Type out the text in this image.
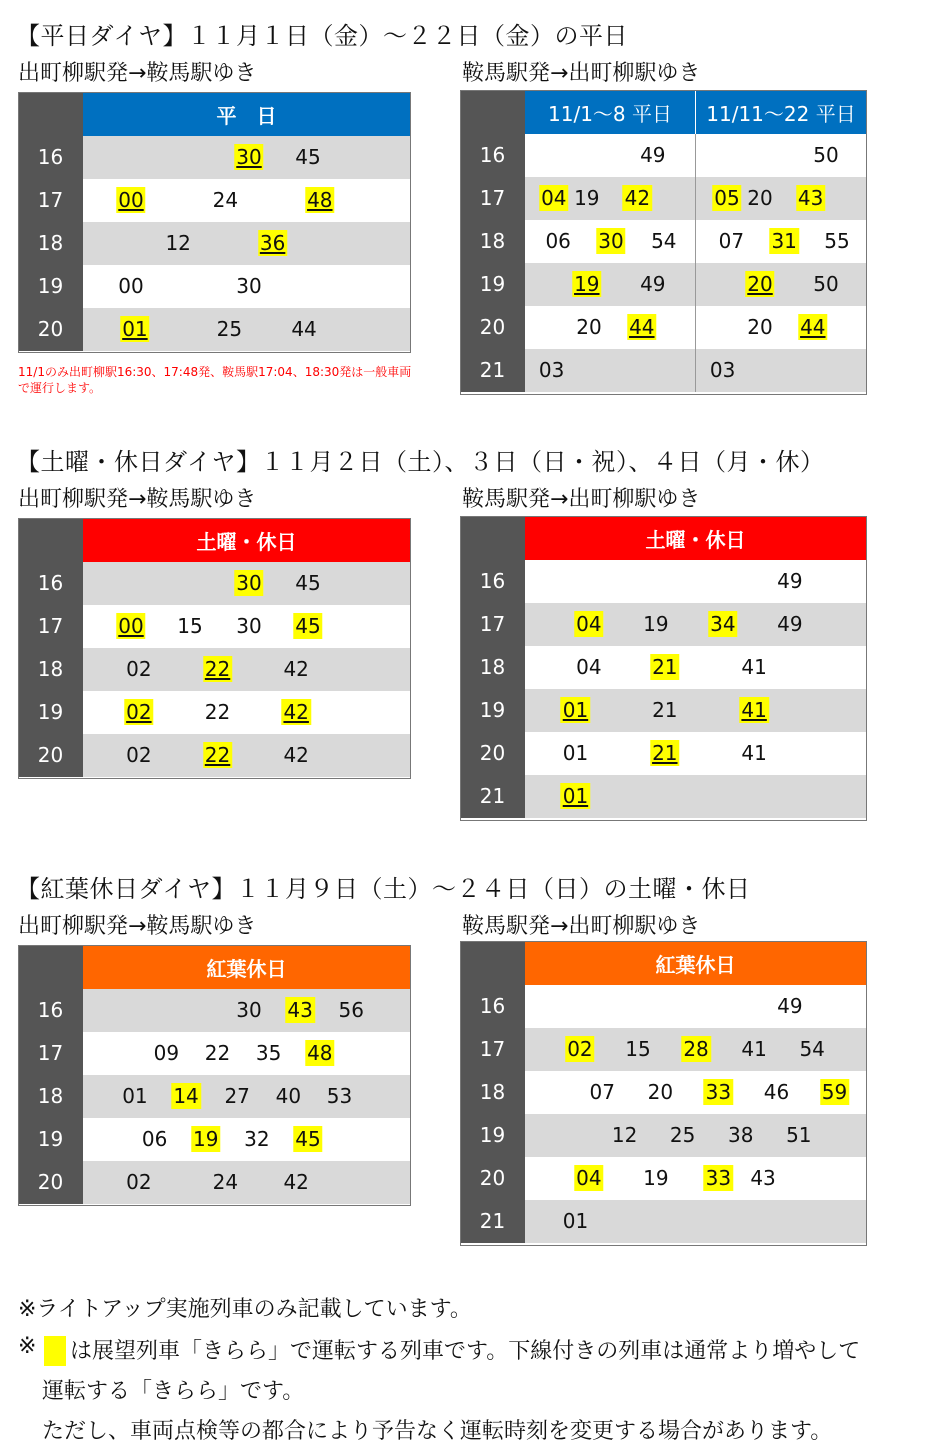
【平日ダイヤ】１１月１日（金）～２２日（金）の平日
出町柳駅発→鞍馬駅ゆき	鞍馬駅発→出町柳駅ゆき
	平　日
16	30 45

17	00 24 48

18	12 36

19	00 30

20	01 25 44
11/1のみ出町柳駅16:30、17:48発、鞍馬駅17:04、18:30発は一般車両で運行します。
	11/1～8 平日	11/11～22 平日
16	49	50

17	04 19 42	05 20 43

18	06 30 54	07 31 55

19	19 49	20 50

20	20 44	20 44

21	03	03
【土曜・休日ダイヤ】１１月２日（土）、３日（日・祝）、４日（月・休）
出町柳駅発→鞍馬駅ゆき	鞍馬駅発→出町柳駅ゆき
	土曜・休日
16	30 45

17	00 15 30 45

18	02 22 42

19	02 22 42

20	02 22 42
	土曜・休日
16	49

17	04 19 34 49

18	04 21 41

19	01 21 41

20	01 21 41

21	01
【紅葉休日ダイヤ】１１月９日（土）～２４日（日）の土曜・休日
出町柳駅発→鞍馬駅ゆき	鞍馬駅発→出町柳駅ゆき
	紅葉休日
16	30 43 56

17	09 22 35 48

18	01 14 27 40 53

19	06 19 32 45

20	02 24 42
	紅葉休日
16	49

17	02 15 28 41 54

18	07 20 33 46 59

19	12 25 38 51

20	04 19 33 43

21	01
※ライトアップ実施列車のみ記載しています。
※ は展望列車「きらら」で運転する列車です。下線付きの列車は通常より増やして
運転する「きらら」です。
ただし、車両点検等の都合により予告なく運転時刻を変更する場合があります。
